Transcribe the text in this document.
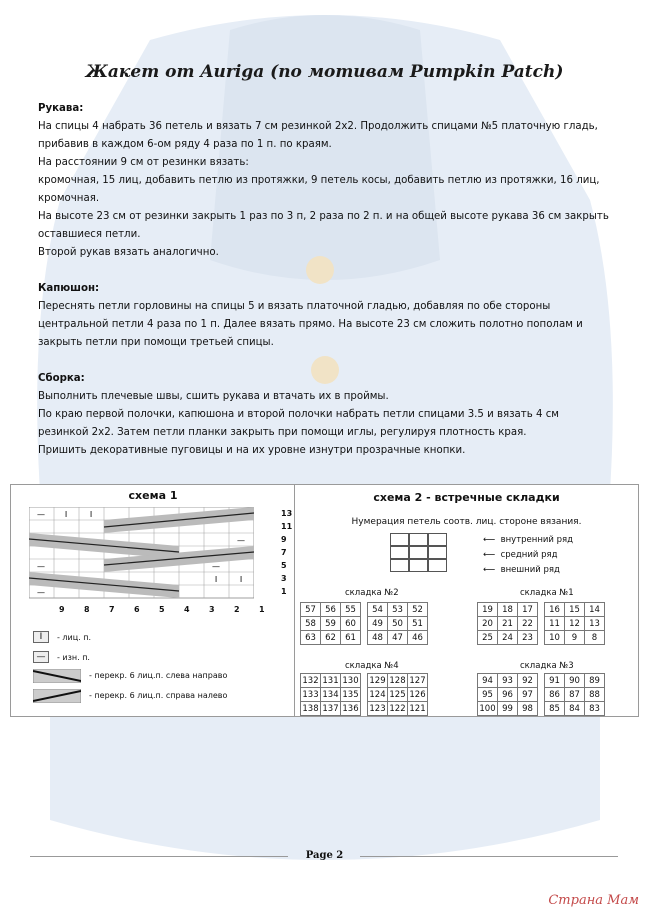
Жакет от Auriga (по мотивам Pumpkin Patch)

Рукава:

На спицы 4 набрать 36 петель и вязать 7 см резинкой 2х2. Продолжить спицами №5 платочную гладь,

прибавив в каждом 6-ом ряду 4 раза по 1 п. по краям.

На расстоянии 9 см от резинки вязать:

кромочная, 15 лиц, добавить петлю из протяжки, 9 петель косы, добавить петлю из протяжки, 16 лиц,

кромочная.

На высоте 23 см от резинки закрыть 1 раз по 3 п, 2 раза по 2 п. и на общей высоте рукава 36 см закрыть

оставшиеся петли.

Второй рукав вязать аналогично.

Капюшон:

Переснять петли горловины на спицы 5 и вязать платочной гладью, добавляя по обе стороны

центральной петли 4 раза по 1 п. Далее вязать прямо. На высоте 23 см сложить полотно пополам и

закрыть петли при помощи третьей спицы.

Сборка:

Выполнить плечевые швы, сшить рукава и втачать их в проймы.

По краю первой полочки, капюшона и второй полочки набрать петли спицами 3.5 и вязать 4 см

резинкой 2х2. Затем петли планки закрыть при помощи иглы, регулируя плотность края.

Пришить декоративные пуговицы и на их уровне изнутри прозрачные кнопки.

схема 1
— I	I
—	—
—
I	I
—
13
11
9
7
5
3
1
9 8 7 6 5 4 3 2 1
I	- лиц. п.
—	- изн. п.
- перекр. 6 лиц.п. слева направо
- перекр. 6 лиц.п. справа налево
схема 2 - встречные складки
Нумерация петель соотв. лиц. стороне вязания.
⟵  внутренний ряд
⟵  средний ряд
⟵  внешний ряд
складка №2
57	56	55		54	53	52
58	59	60		49	50	51
63	62	61		48	47	46
складка №1
19	18	17		16	15	14
20	21	22		11	12	13
25	24	23		10	9	8
складка №4
132	131	130		129	128	127
133	134	135		124	125	126
138	137	136		123	122	121
складка №3
94	93	92		91	90	89
95	96	97		86	87	88
100	99	98		85	84	83
Page 2
Страна Мам
